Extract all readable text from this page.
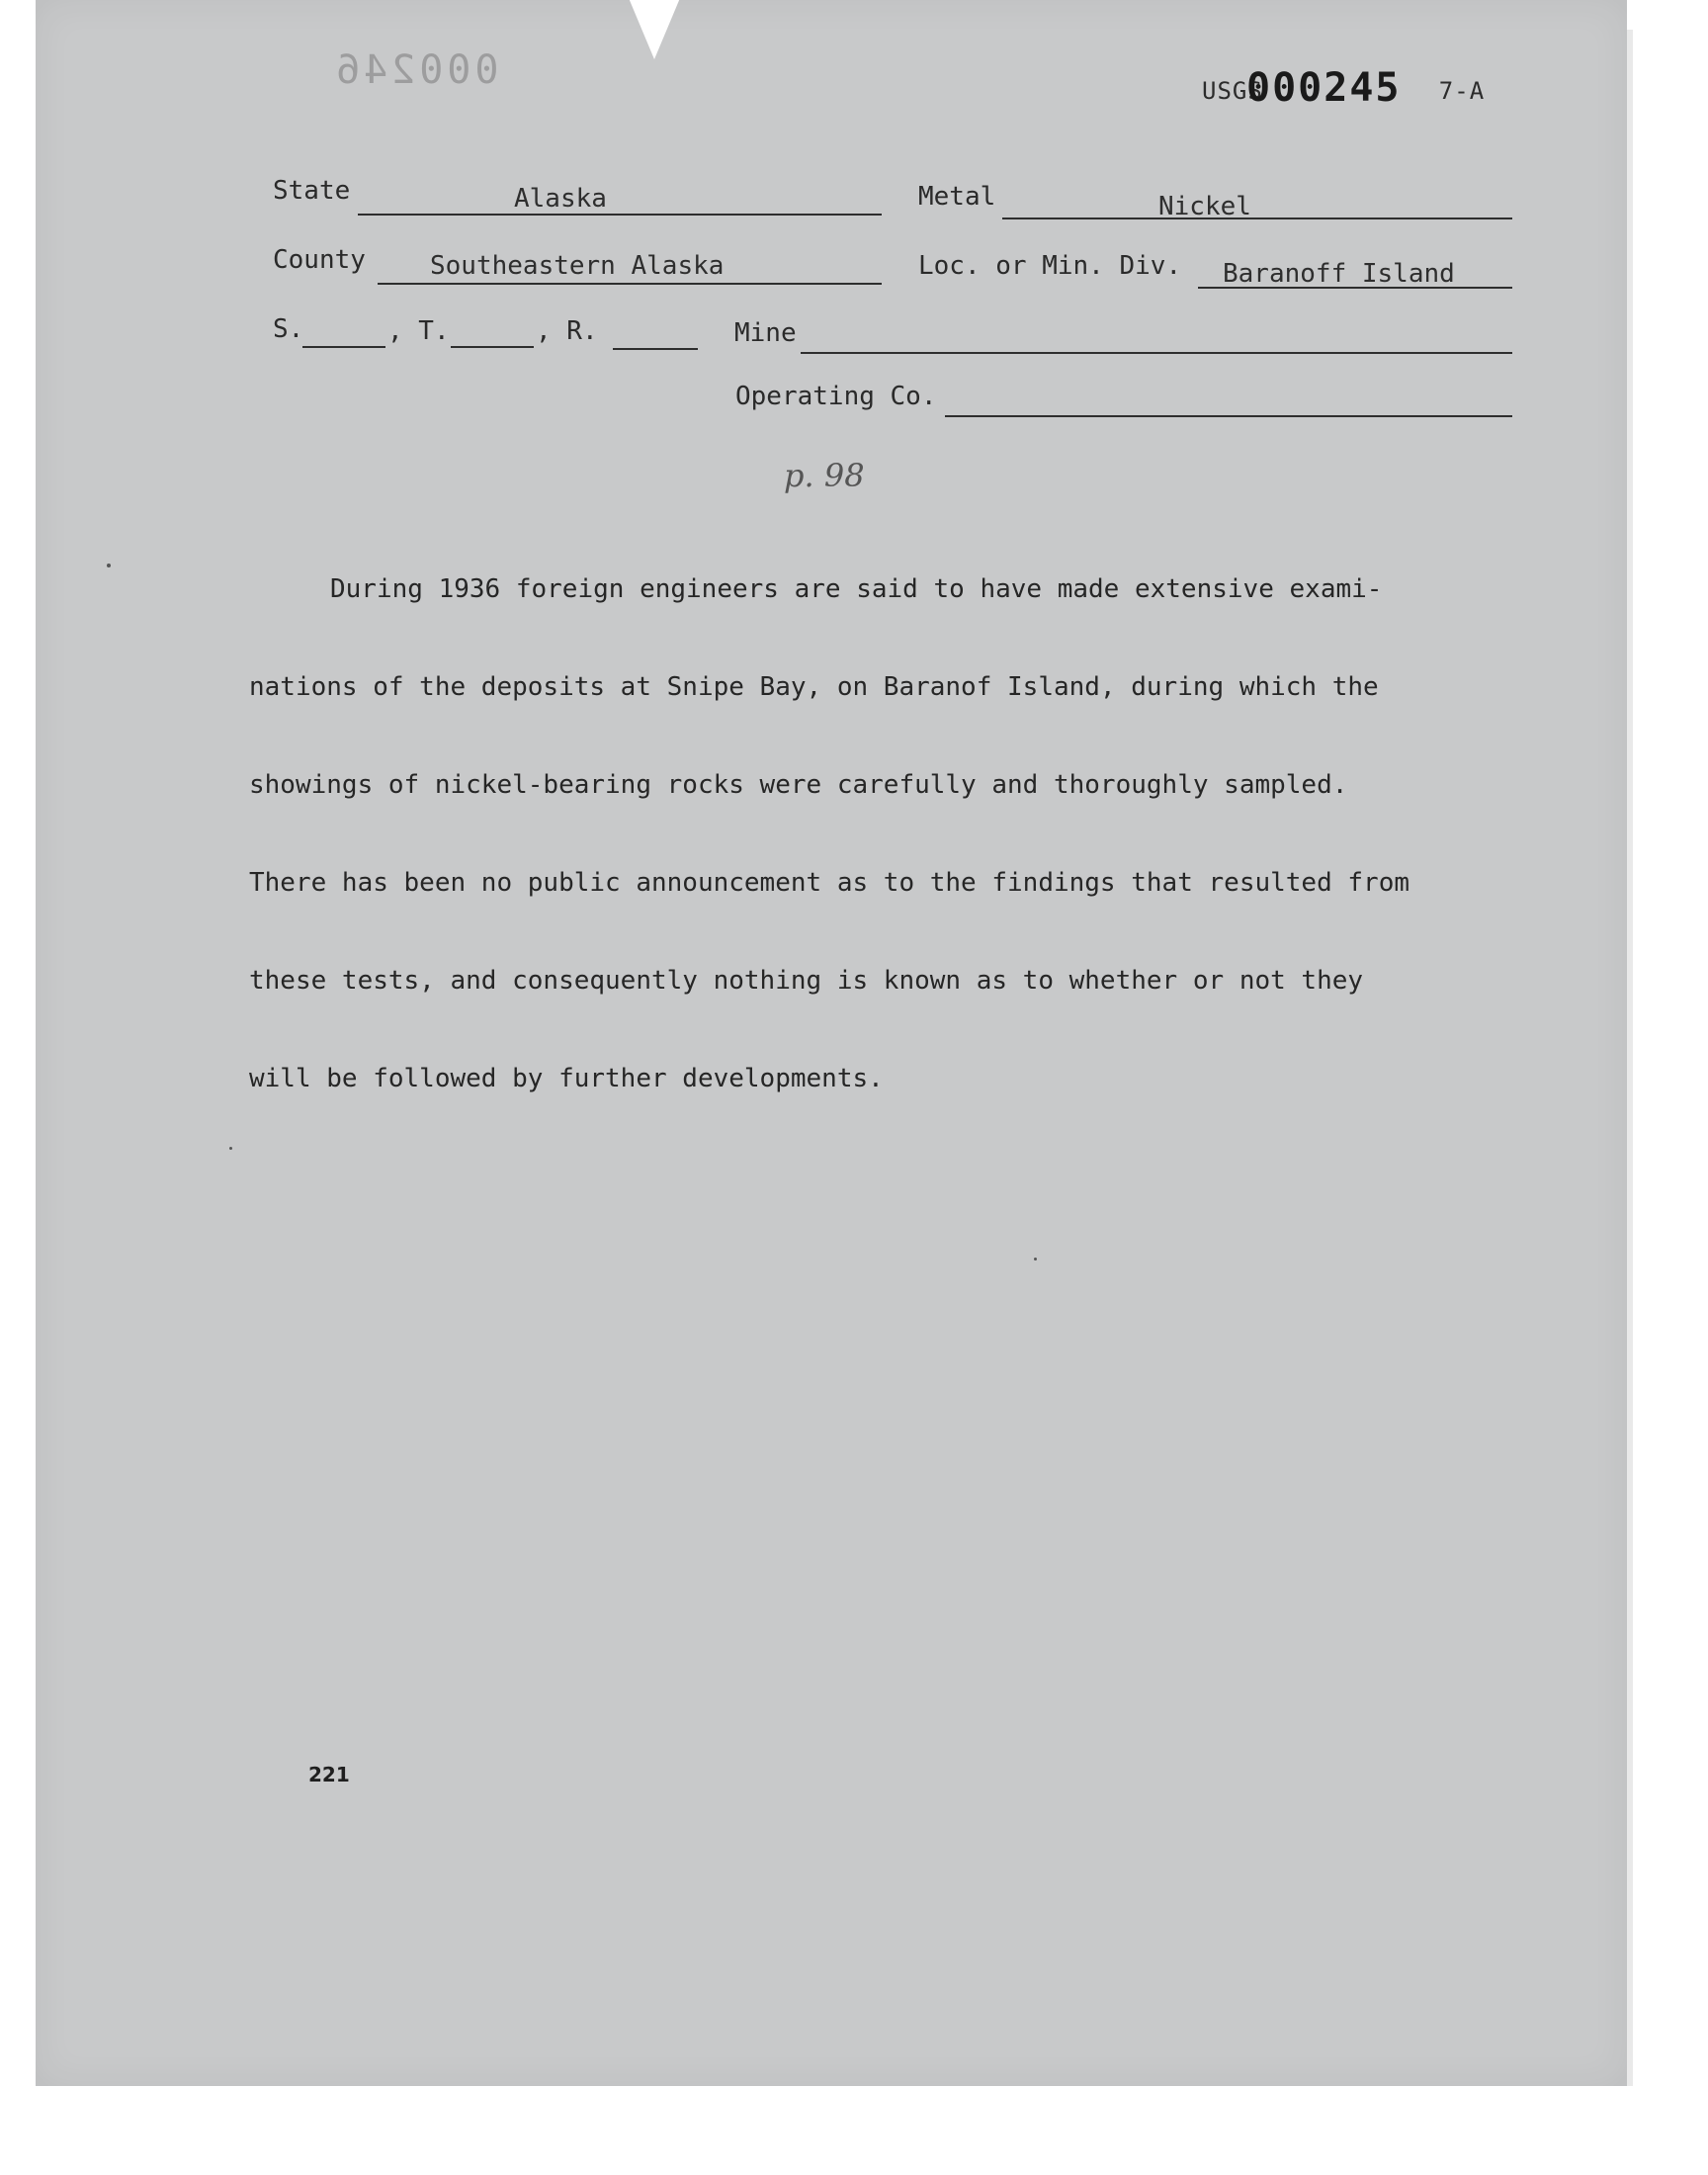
000246	USGS	7-A
000245
State	Alaska	Metal	Nickel
County	Southeastern Alaska	Loc. or Min. Div. Baranoff Island
S.	, T.	, R.	Mine
Operating Co.
p. 98

During 1936 foreign engineers are said to have made extensive exami-

nations of the deposits at Snipe Bay, on Baranof Island, during which the

showings of nickel-bearing rocks were carefully and thoroughly sampled.

There has been no public announcement as to the findings that resulted from

these tests, and consequently nothing is known as to whether or not they

will be followed by further developments.

221
